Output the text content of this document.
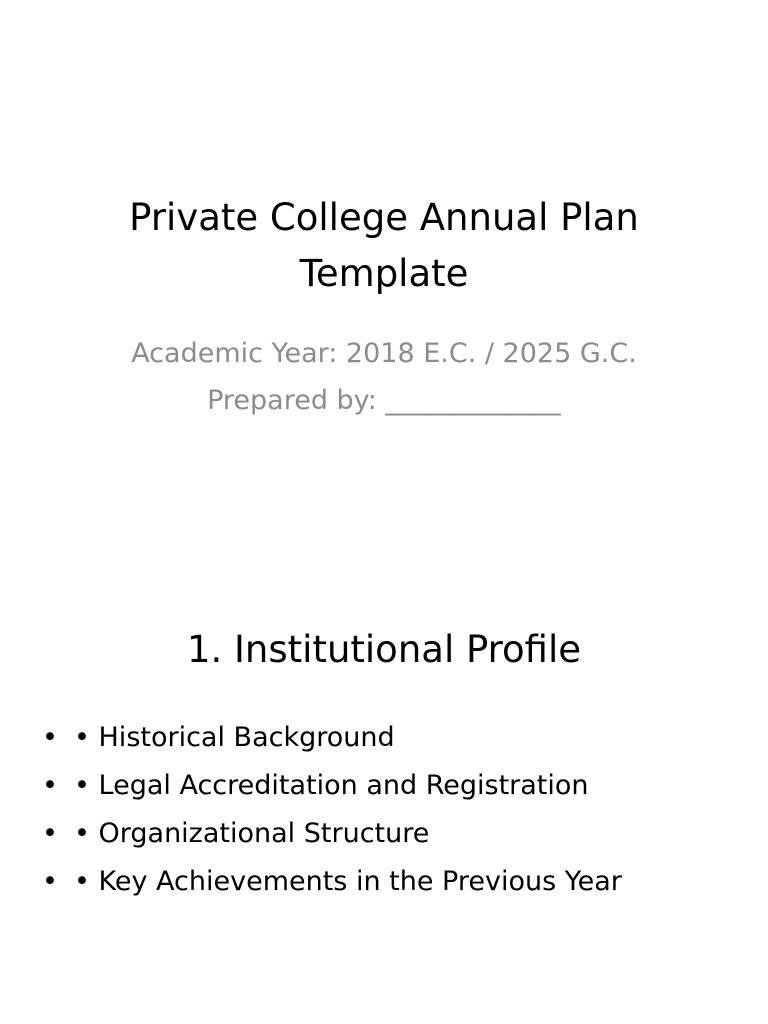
Private College Annual Plan Template
Academic Year: 2018 E.C. / 2025 G.C.
Prepared by: _____________
1. Institutional Profile
• • Historical Background
• • Legal Accreditation and Registration
• • Organizational Structure
• • Key Achievements in the Previous Year
